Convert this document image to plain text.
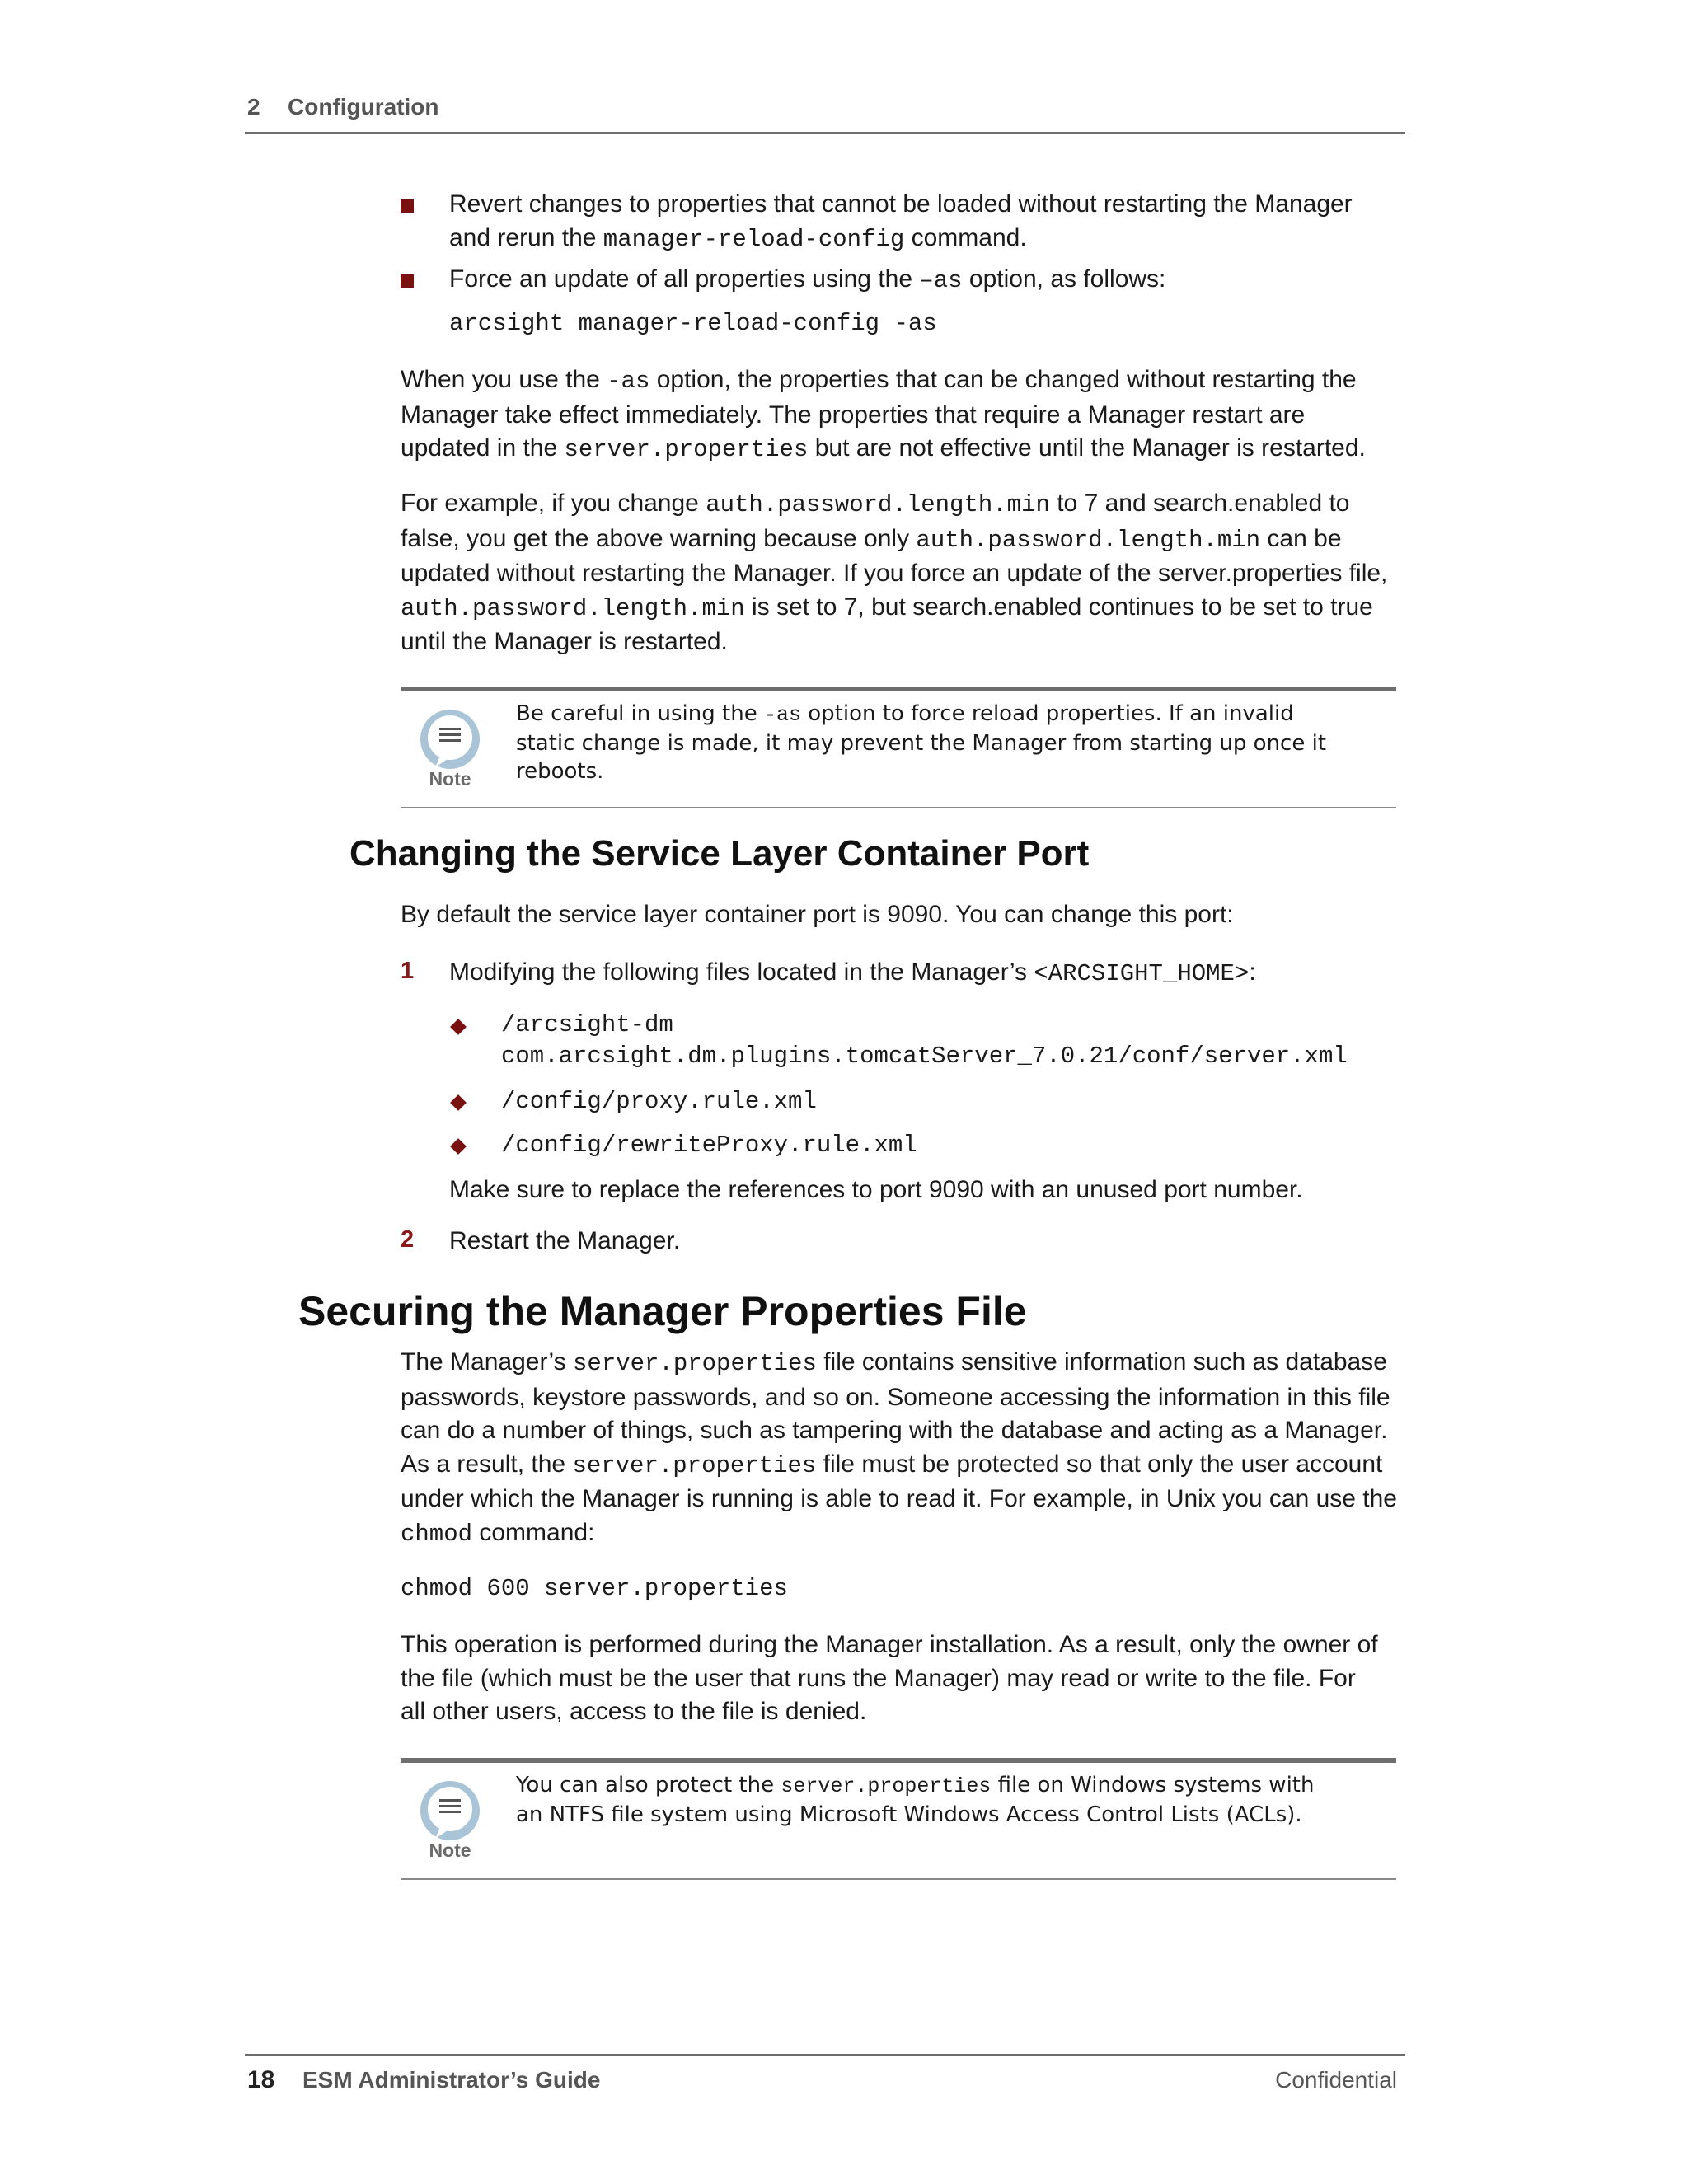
2 Configuration
Revert changes to properties that cannot be loaded without restarting the Manager
and rerun the manager-reload-config command.
Force an update of all properties using the –as option, as follows:
arcsight manager-reload-config -as
When you use the -as option, the properties that can be changed without restarting the
Manager take effect immediately. The properties that require a Manager restart are
updated in the server.properties but are not effective until the Manager is restarted.
For example, if you change auth.password.length.min to 7 and search.enabled to
false, you get the above warning because only auth.password.length.min can be
updated without restarting the Manager. If you force an update of the server.properties file,
auth.password.length.min is set to 7, but search.enabled continues to be set to true
until the Manager is restarted.
Note
Be careful in using the -as option to force reload properties. If an invalid
static change is made, it may prevent the Manager from starting up once it
reboots.
Changing the Service Layer Container Port
By default the service layer container port is 9090. You can change this port:
1 Modifying the following files located in the Manager’s <ARCSIGHT_HOME>:
/arcsight-dm
com.arcsight.dm.plugins.tomcatServer_7.0.21/conf/server.xml
/config/proxy.rule.xml
/config/rewriteProxy.rule.xml
Make sure to replace the references to port 9090 with an unused port number.
2 Restart the Manager.
Securing the Manager Properties File
The Manager’s server.properties file contains sensitive information such as database
passwords, keystore passwords, and so on. Someone accessing the information in this file
can do a number of things, such as tampering with the database and acting as a Manager.
As a result, the server.properties file must be protected so that only the user account
under which the Manager is running is able to read it. For example, in Unix you can use the
chmod command:
chmod 600 server.properties
This operation is performed during the Manager installation. As a result, only the owner of
the file (which must be the user that runs the Manager) may read or write to the file. For
all other users, access to the file is denied.
Note
You can also protect the server.properties file on Windows systems with
an NTFS file system using Microsoft Windows Access Control Lists (ACLs).
18 ESM Administrator’s Guide	Confidential
